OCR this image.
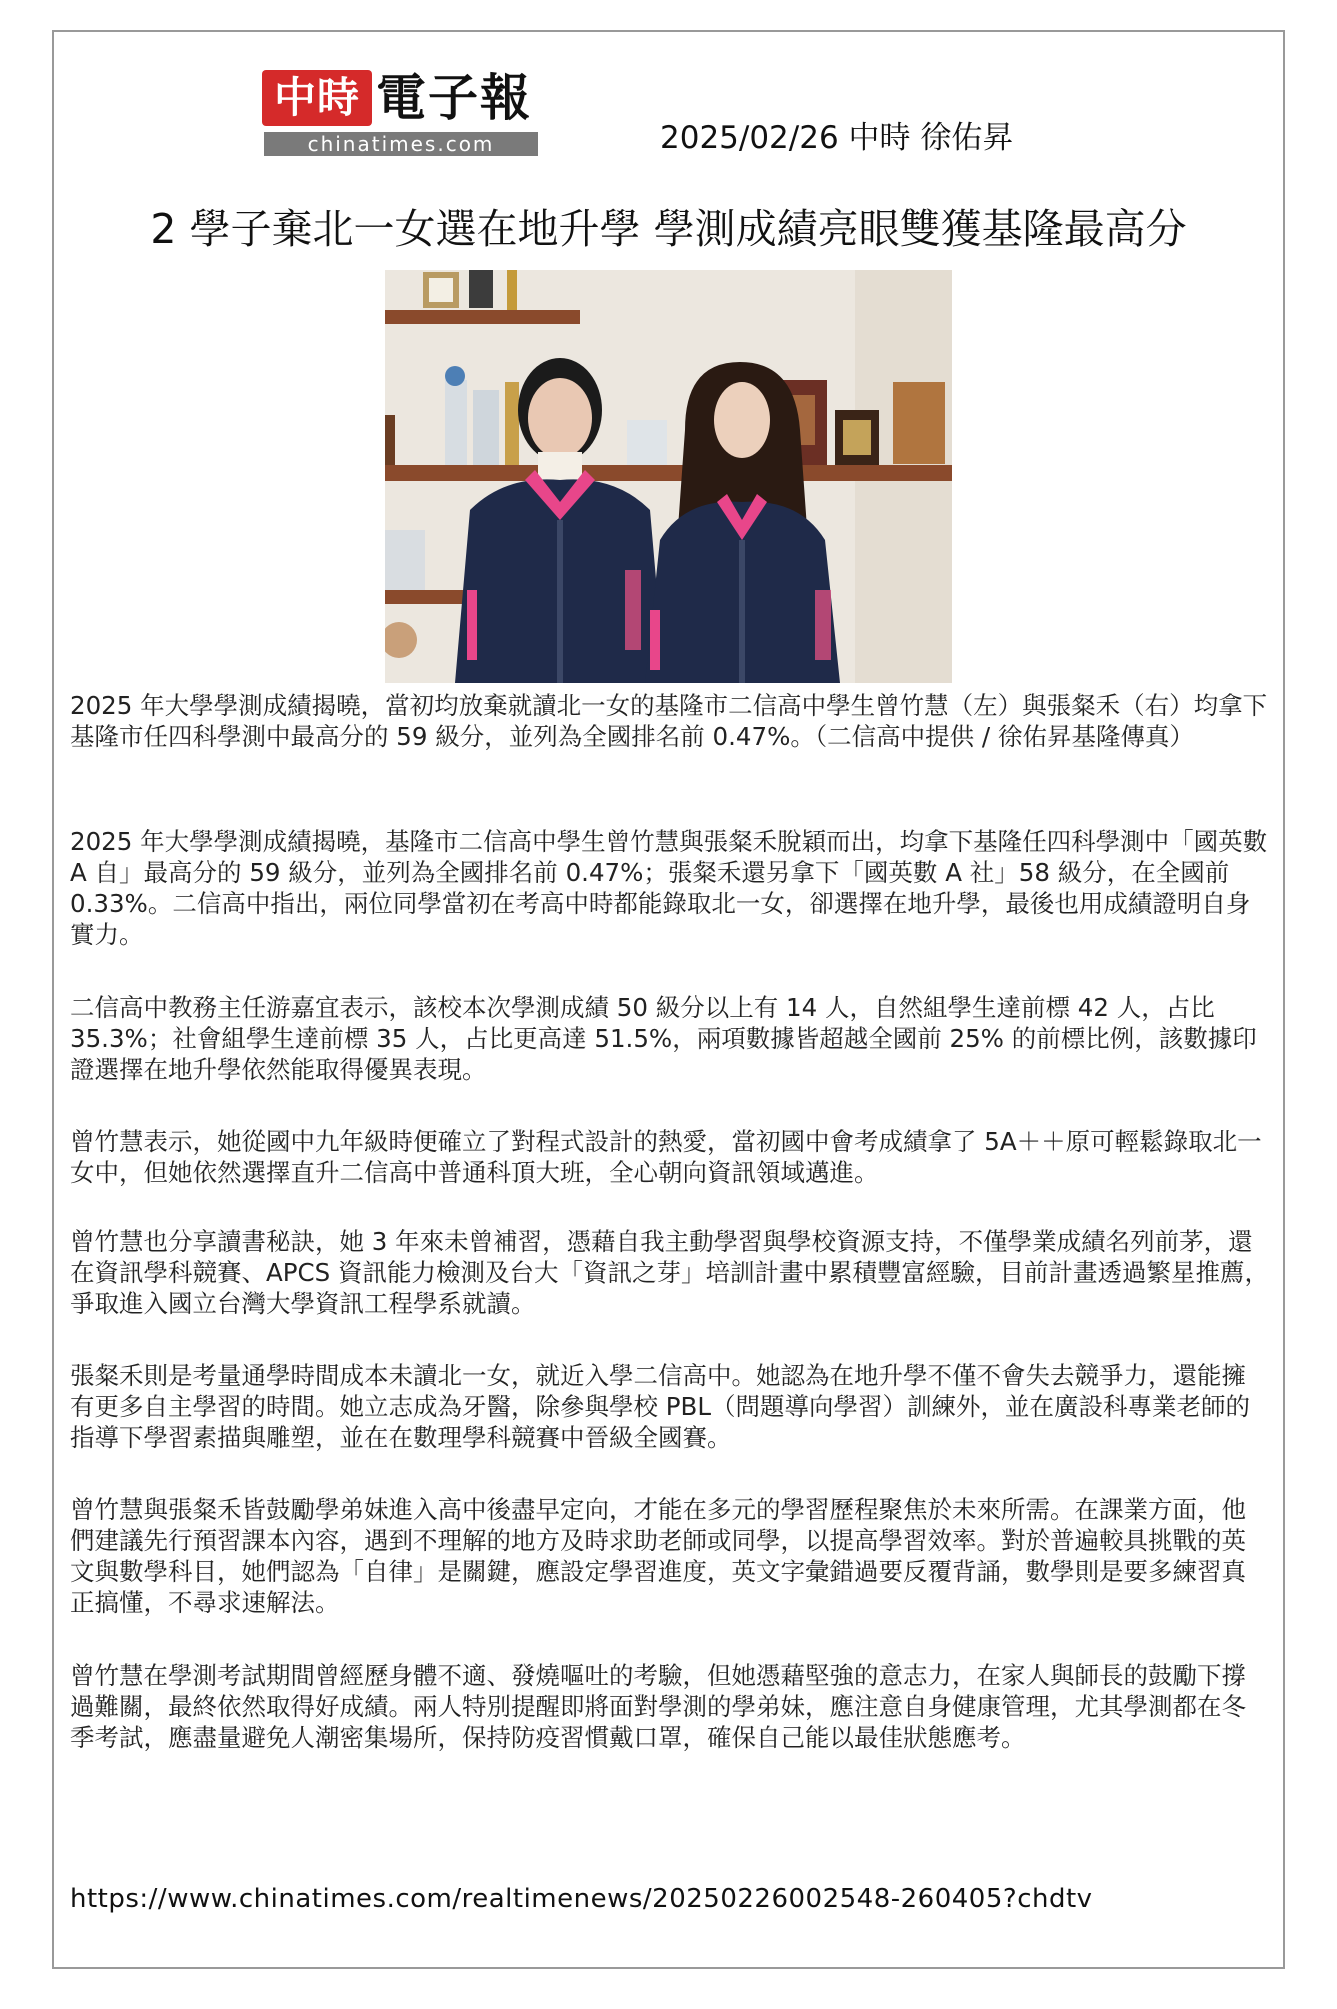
中時 電子報
chinatimes.com	2025/02/26 中時 徐佑昇
2 學子棄北一女選在地升學 學測成績亮眼雙獲基隆最高分
2025 年大學學測成績揭曉，當初均放棄就讀北一女的基隆市二信高中學生曾竹慧（左）與張粲禾（右）均拿下基隆市任四科學測中最高分的 59 級分，並列為全國排名前 0.47%。（二信高中提供 / 徐佑昇基隆傳真）
2025 年大學學測成績揭曉，基隆市二信高中學生曾竹慧與張粲禾脫穎而出，均拿下基隆任四科學測中「國英數 A 自」最高分的 59 級分，並列為全國排名前 0.47%；張粲禾還另拿下「國英數 A 社」58 級分，在全國前 0.33%。二信高中指出，兩位同學當初在考高中時都能錄取北一女，卻選擇在地升學，最後也用成績證明自身實力。
二信高中教務主任游嘉宜表示，該校本次學測成績 50 級分以上有 14 人，自然組學生達前標 42 人，占比 35.3%；社會組學生達前標 35 人，占比更高達 51.5%，兩項數據皆超越全國前 25% 的前標比例，該數據印證選擇在地升學依然能取得優異表現。
曾竹慧表示，她從國中九年級時便確立了對程式設計的熱愛，當初國中會考成績拿了 5A＋＋原可輕鬆錄取北一女中，但她依然選擇直升二信高中普通科頂大班，全心朝向資訊領域邁進。
曾竹慧也分享讀書秘訣，她 3 年來未曾補習，憑藉自我主動學習與學校資源支持，不僅學業成績名列前茅，還在資訊學科競賽、APCS 資訊能力檢測及台大「資訊之芽」培訓計畫中累積豐富經驗，目前計畫透過繁星推薦，爭取進入國立台灣大學資訊工程學系就讀。
張粲禾則是考量通學時間成本未讀北一女，就近入學二信高中。她認為在地升學不僅不會失去競爭力，還能擁有更多自主學習的時間。她立志成為牙醫，除參與學校 PBL（問題導向學習）訓練外，並在廣設科專業老師的指導下學習素描與雕塑，並在在數理學科競賽中晉級全國賽。
曾竹慧與張粲禾皆鼓勵學弟妹進入高中後盡早定向，才能在多元的學習歷程聚焦於未來所需。在課業方面，他們建議先行預習課本內容，遇到不理解的地方及時求助老師或同學，以提高學習效率。對於普遍較具挑戰的英文與數學科目，她們認為「自律」是關鍵，應設定學習進度，英文字彙錯過要反覆背誦，數學則是要多練習真正搞懂，不尋求速解法。
曾竹慧在學測考試期間曾經歷身體不適、發燒嘔吐的考驗，但她憑藉堅強的意志力，在家人與師長的鼓勵下撐過難關，最終依然取得好成績。兩人特別提醒即將面對學測的學弟妹，應注意自身健康管理，尤其學測都在冬季考試，應盡量避免人潮密集場所，保持防疫習慣戴口罩，確保自己能以最佳狀態應考。
https://www.chinatimes.com/realtimenews/20250226002548-260405?chdtv
